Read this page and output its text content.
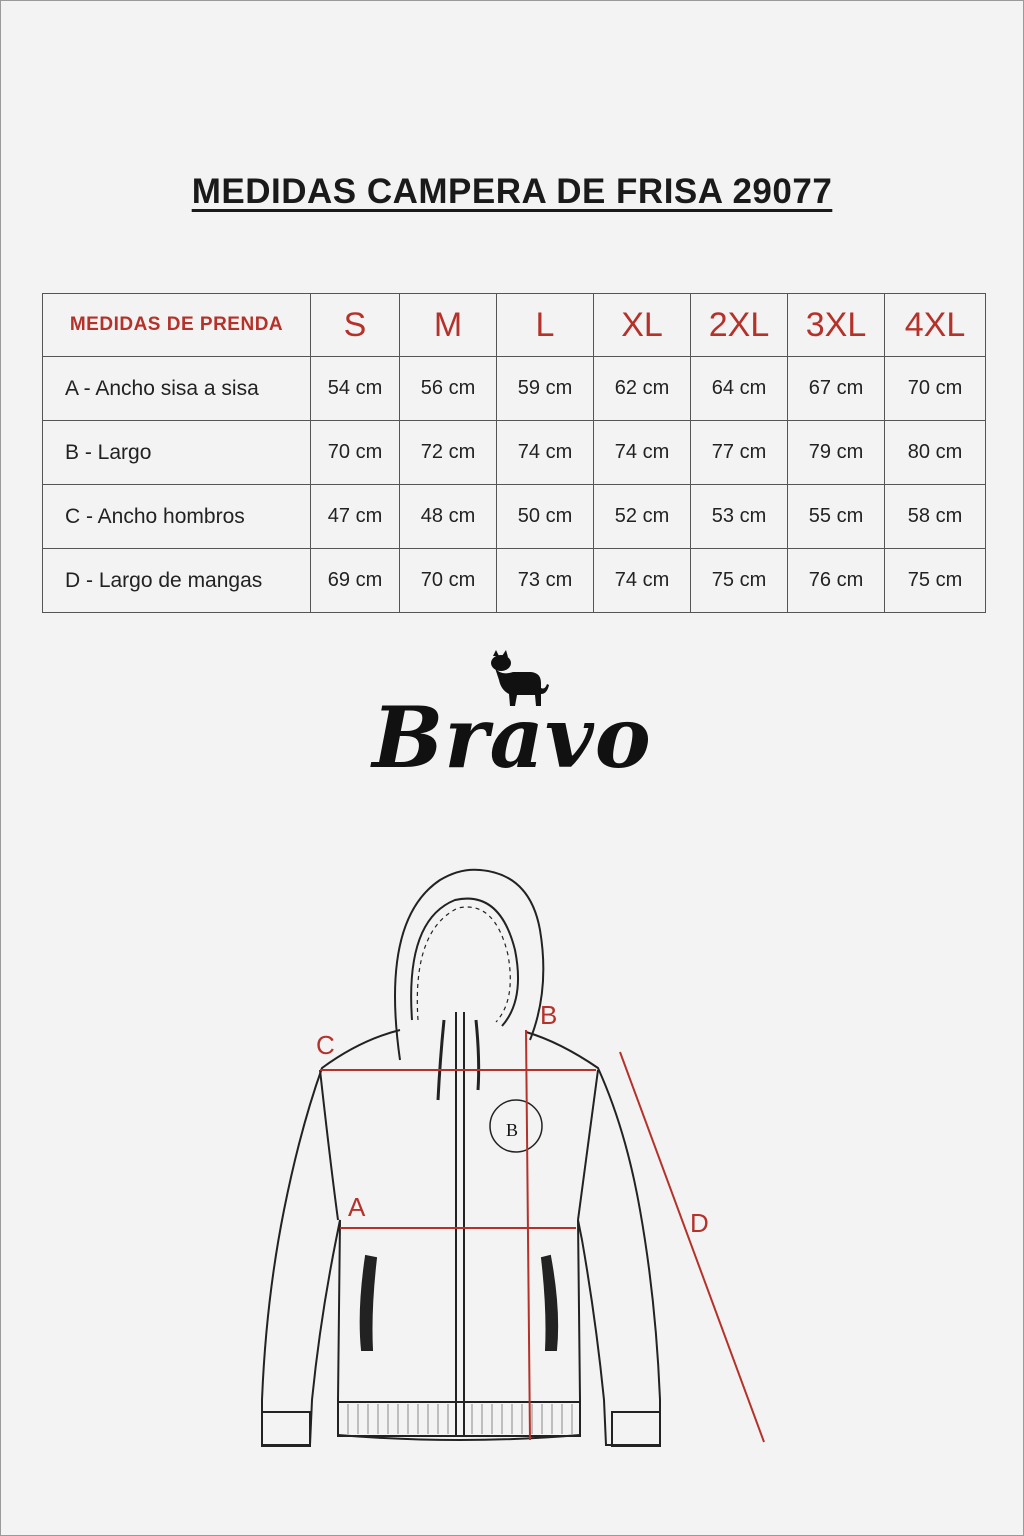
MEDIDAS CAMPERA DE FRISA 29077
MEDIDAS DE PRENDA	S	M	L	XL	2XL	3XL	4XL
A - Ancho sisa a sisa	54 cm	56 cm	59 cm	62 cm	64 cm	67 cm	70 cm
B - Largo	70 cm	72 cm	74 cm	74 cm	77 cm	79 cm	80 cm
C - Ancho hombros	47 cm	48 cm	50 cm	52 cm	53 cm	55 cm	58 cm
D - Largo de mangas	69 cm	70 cm	73 cm	74 cm	75 cm	76 cm	75 cm
Bravo
B
C
A
B
D
